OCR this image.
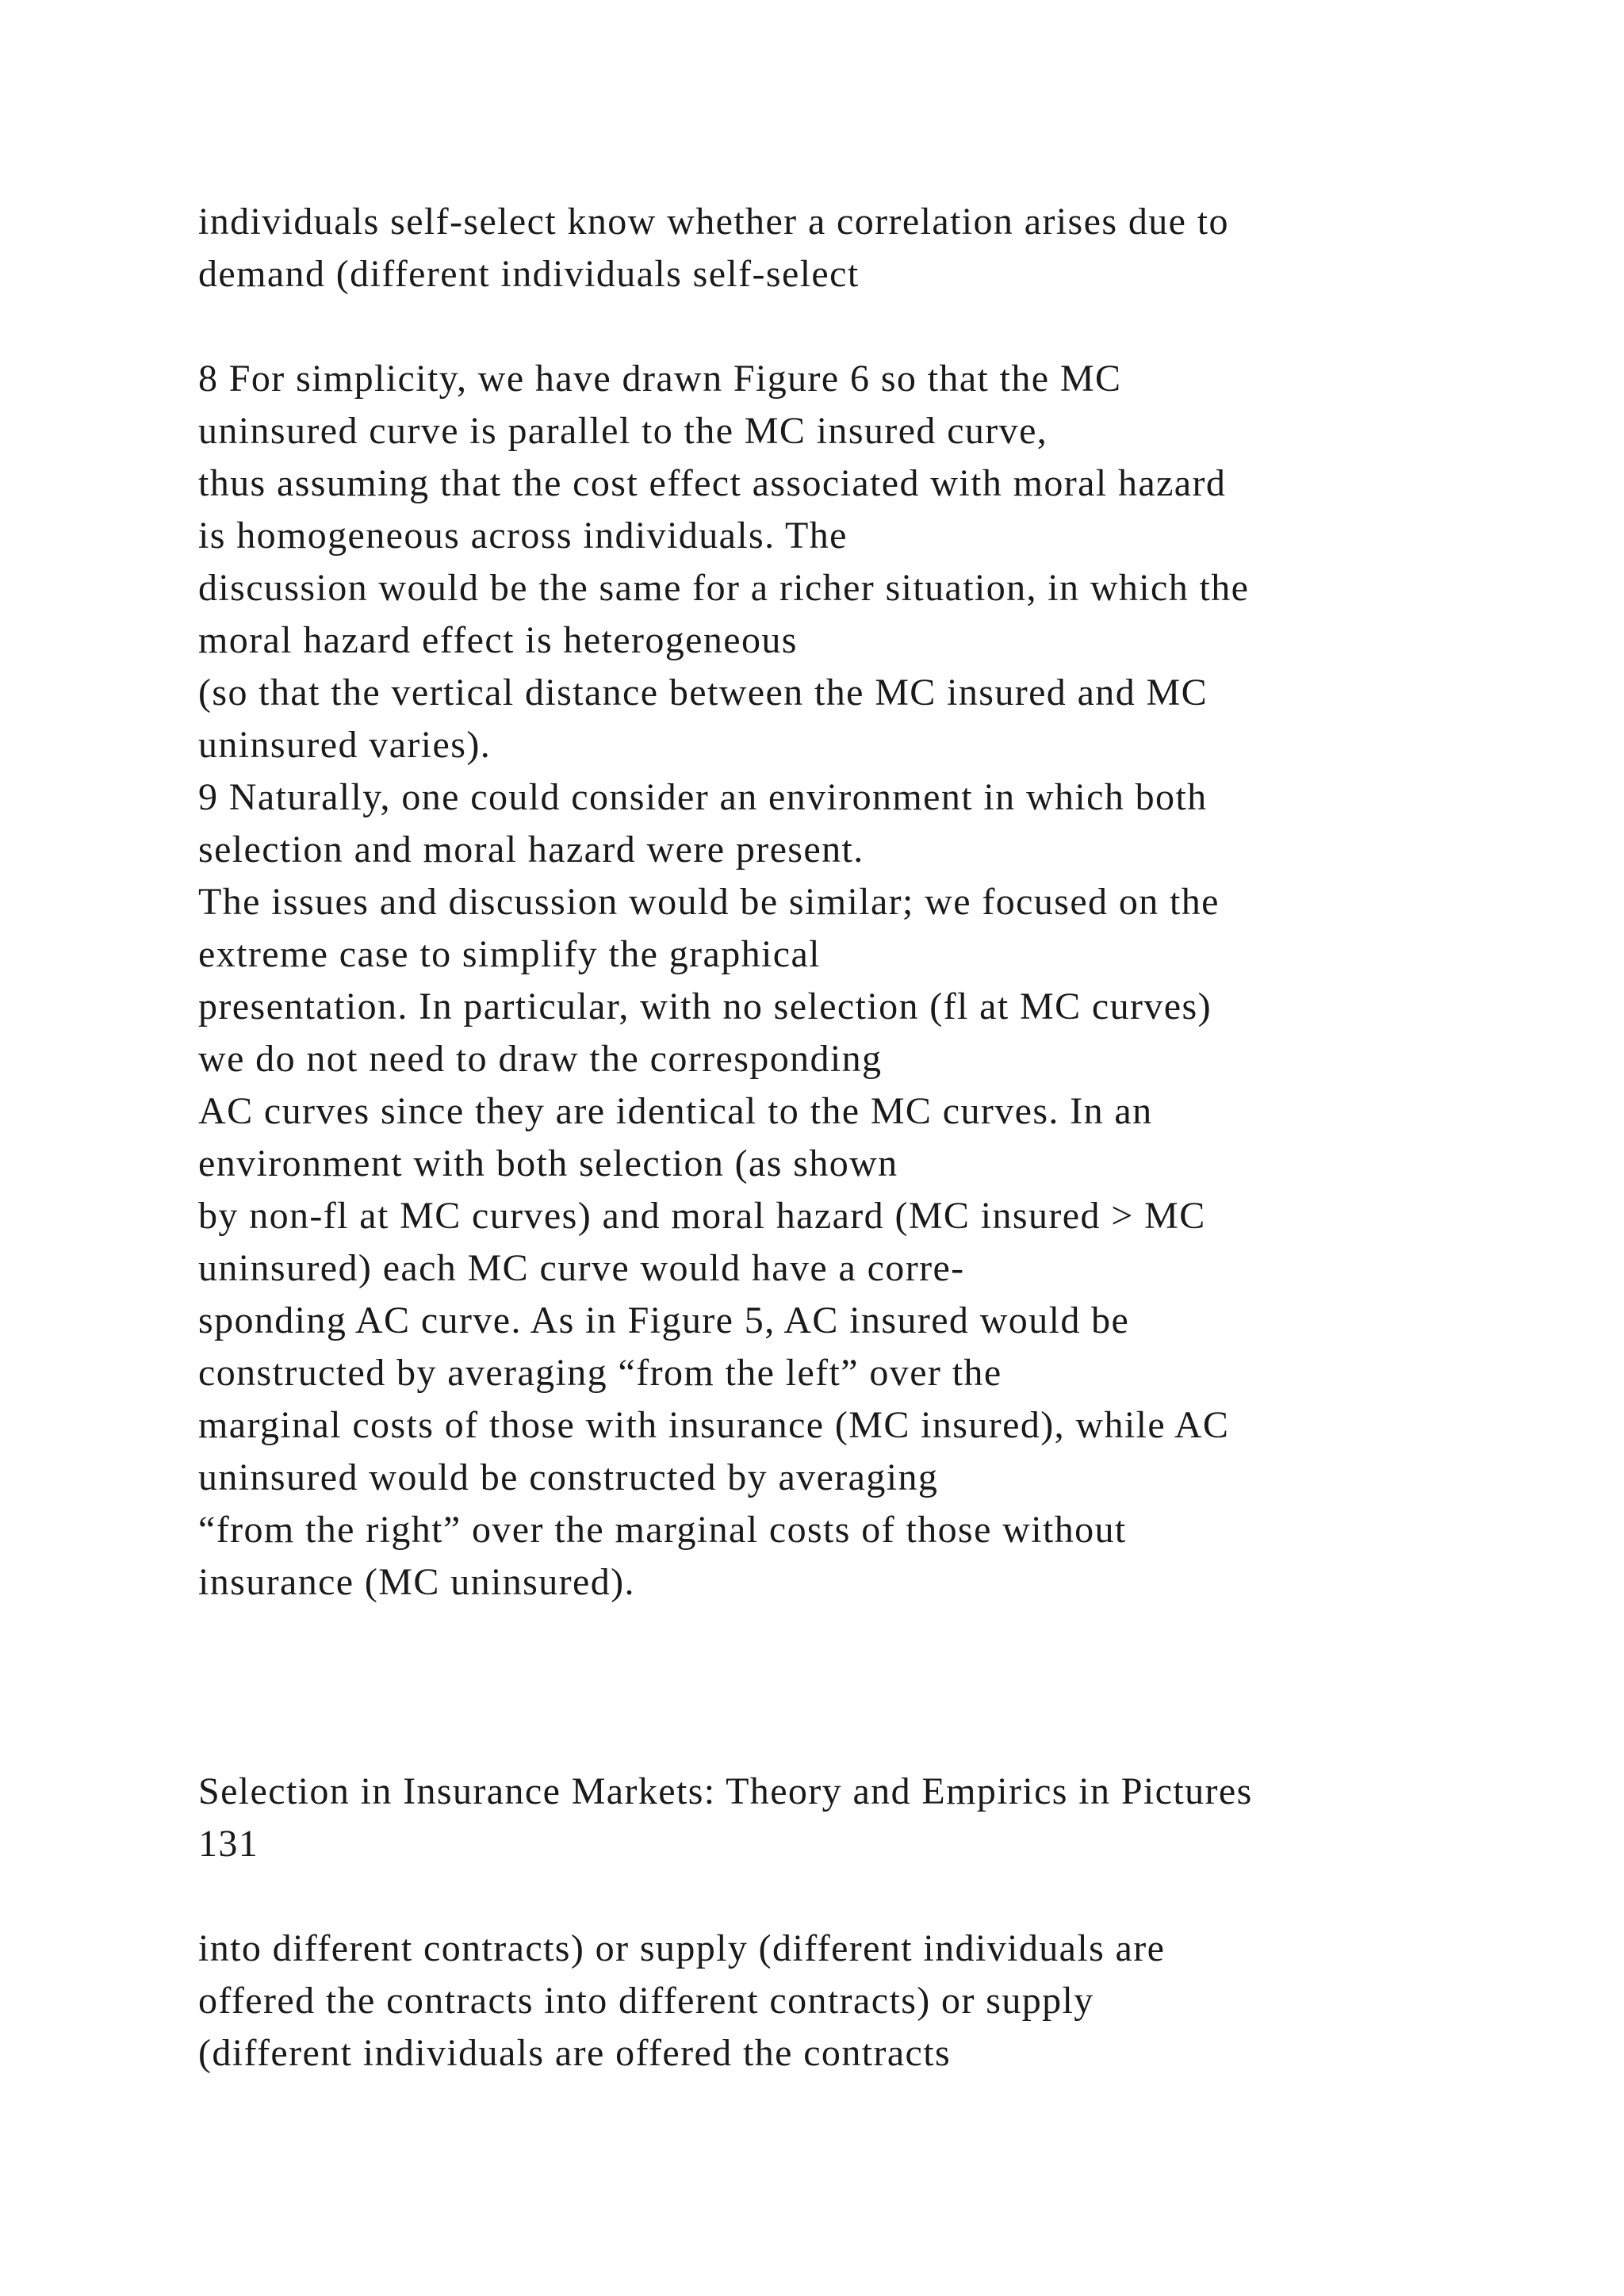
individuals self-select know whether a correlation arises due to

demand (different individuals self-select

8 For simplicity, we have drawn Figure 6 so that the MC

uninsured curve is parallel to the MC insured curve,

thus assuming that the cost effect associated with moral hazard

is homogeneous across individuals. The

discussion would be the same for a richer situation, in which the

moral hazard effect is heterogeneous

(so that the vertical distance between the MC insured and MC

uninsured varies).

9 Naturally, one could consider an environment in which both

selection and moral hazard were present.

The issues and discussion would be similar; we focused on the

extreme case to simplify the graphical

presentation. In particular, with no selection (fl at MC curves)

we do not need to draw the corresponding

AC curves since they are identical to the MC curves. In an

environment with both selection (as shown

by non-fl at MC curves) and moral hazard (MC insured > MC

uninsured) each MC curve would have a corre-

sponding AC curve. As in Figure 5, AC insured would be

constructed by averaging “from the left” over the

marginal costs of those with insurance (MC insured), while AC

uninsured would be constructed by averaging

“from the right” over the marginal costs of those without

insurance (MC uninsured).

Selection in Insurance Markets: Theory and Empirics in Pictures

131

into different contracts) or supply (different individuals are

offered the contracts into different contracts) or supply

(different individuals are offered the contracts
